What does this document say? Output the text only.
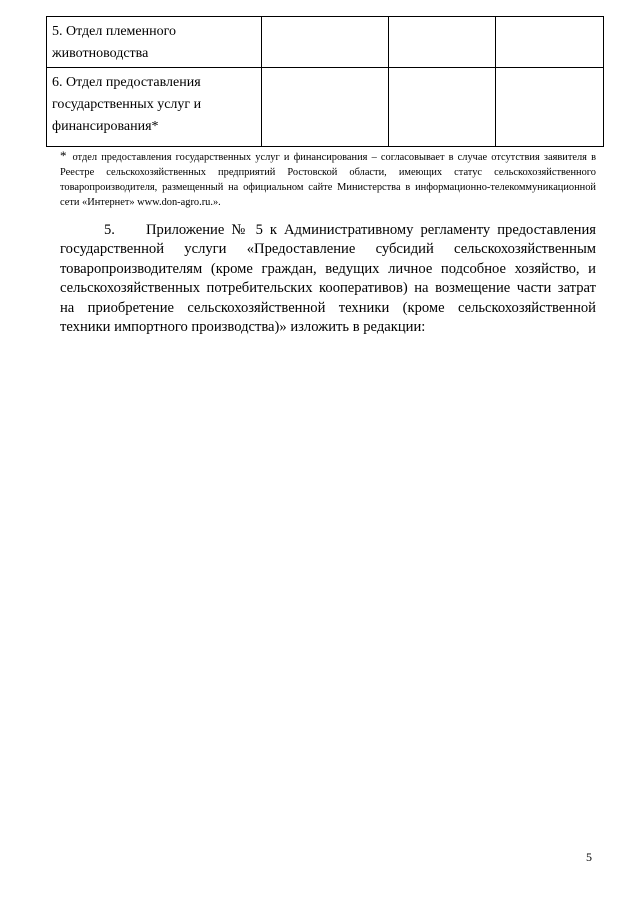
5. Отдел племенного животноводства			
6. Отдел предоставления государственных услуг и финансирования*			
* отдел предоставления государственных услуг и финансирования – согласовывает в случае отсутствия заявителя в Реестре сельскохозяйственных предприятий Ростовской области, имеющих статус сельскохозяйственного товаропроизводителя, размещенный на официальном сайте Министерства в информационно-телекоммуникационной сети «Интернет» www.don-agro.ru.».
5. Приложение № 5 к Административному регламенту предоставления государственной услуги «Предоставление субсидий сельскохозяйственным товаропроизводителям (кроме граждан, ведущих личное подсобное хозяйство, и сельскохозяйственных потребительских кооперативов) на возмещение части затрат на приобретение сельскохозяйственной техники (кроме сельскохозяйственной техники импортного производства)» изложить в редакции:
5
